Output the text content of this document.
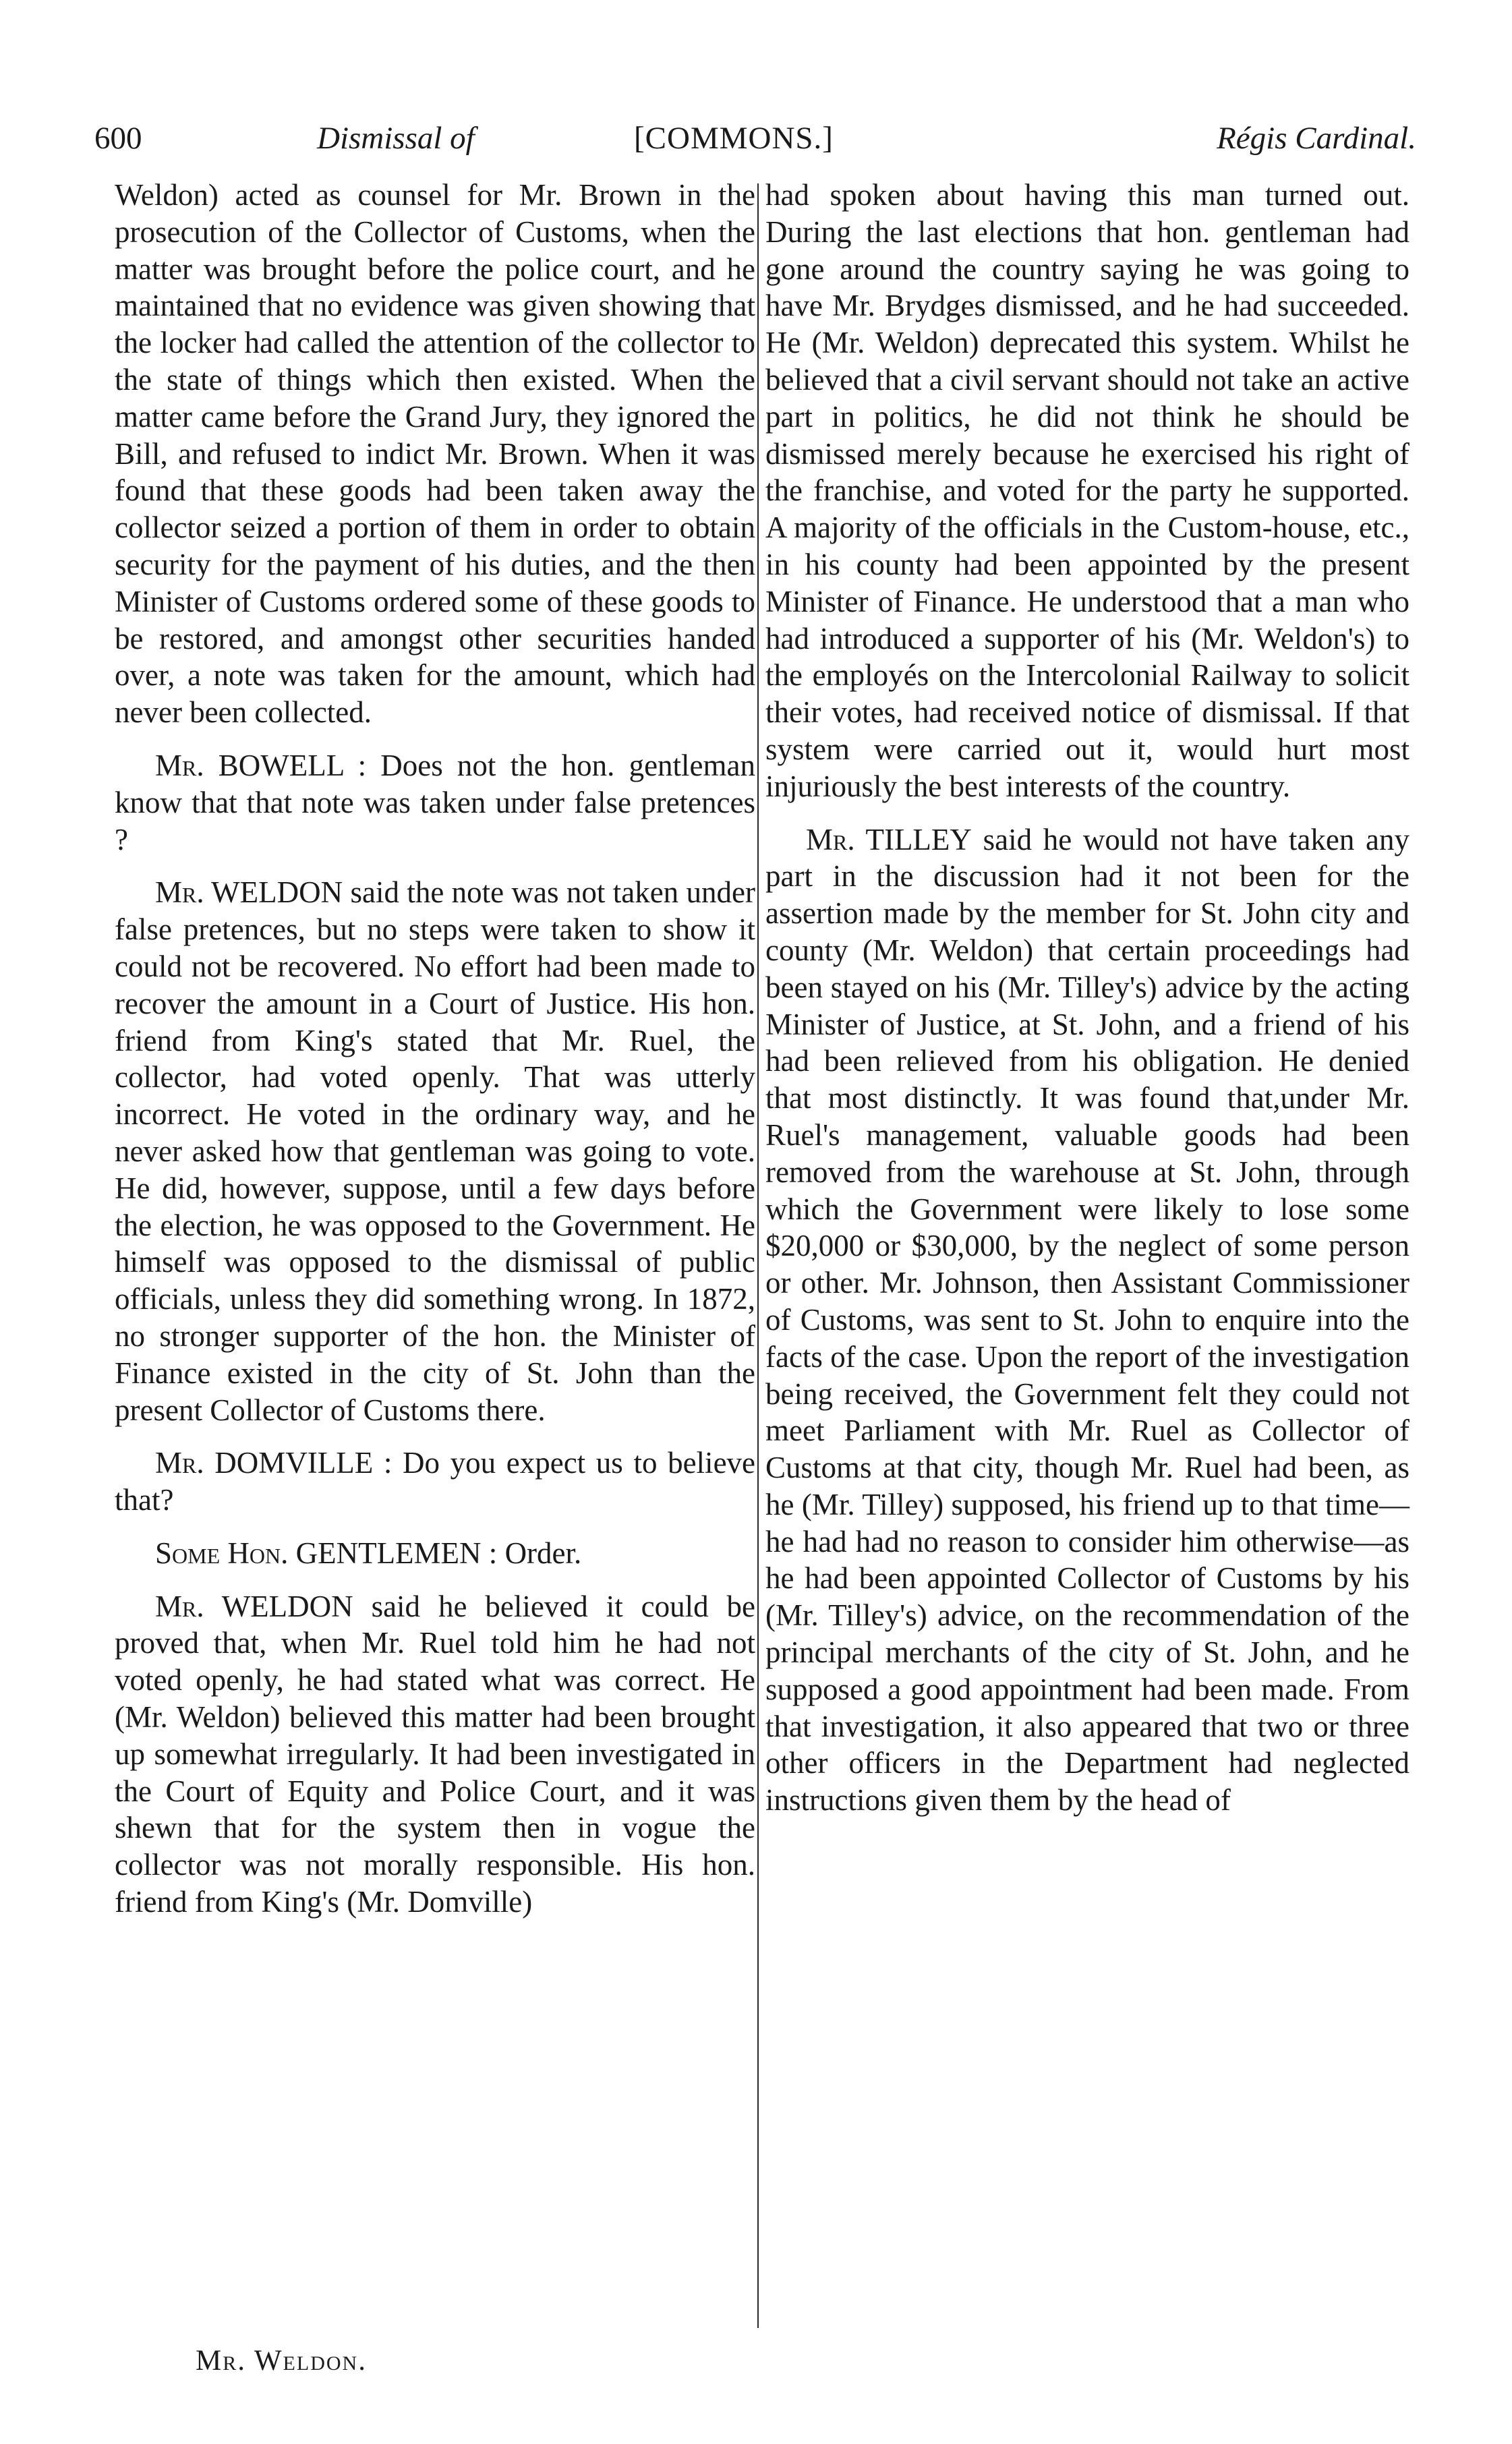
600	Dismissal of	[COMMONS.]	Régis Cardinal.

Weldon) acted as counsel for Mr. Brown in the prosecution of the Collector of Customs, when the matter was brought before the police court, and he maintained that no evidence was given showing that the locker had called the attention of the collector to the state of things which then existed. When the matter came before the Grand Jury, they ignored the Bill, and refused to indict Mr. Brown. When it was found that these goods had been taken away the collector seized a portion of them in order to obtain security for the payment of his duties, and the then Minister of Customs ordered some of these goods to be restored, and amongst other securities handed over, a note was taken for the amount, which had never been collected.

Mr. BOWELL : Does not the hon. gentleman know that that note was taken under false pretences ?

Mr. WELDON said the note was not taken under false pretences, but no steps were taken to show it could not be recovered. No effort had been made to recover the amount in a Court of Justice. His hon. friend from King's stated that Mr. Ruel, the collector, had voted openly. That was utterly incorrect. He voted in the ordinary way, and he never asked how that gentleman was going to vote. He did, however, suppose, until a few days before the election, he was opposed to the Government. He himself was opposed to the dismissal of public officials, unless they did something wrong. In 1872, no stronger supporter of the hon. the Minister of Finance existed in the city of St. John than the present Collector of Customs there.

Mr. DOMVILLE : Do you expect us to believe that?

Some Hon. GENTLEMEN : Order.

Mr. WELDON said he believed it could be proved that, when Mr. Ruel told him he had not voted openly, he had stated what was correct. He (Mr. Weldon) believed this matter had been brought up somewhat irregularly. It had been investigated in the Court of Equity and Police Court, and it was shewn that for the system then in vogue the collector was not morally responsible. His hon. friend from King's (Mr. Domville)

had spoken about having this man turned out. During the last elections that hon. gentleman had gone around the country saying he was going to have Mr. Brydges dismissed, and he had succeeded. He (Mr. Weldon) deprecated this system. Whilst he believed that a civil servant should not take an active part in politics, he did not think he should be dismissed merely because he exercised his right of the franchise, and voted for the party he supported. A majority of the officials in the Custom-house, etc., in his county had been appointed by the present Minister of Finance. He understood that a man who had introduced a supporter of his (Mr. Weldon's) to the employés on the Intercolonial Railway to solicit their votes, had received notice of dismissal. If that system were carried out it, would hurt most injuriously the best interests of the country.

Mr. TILLEY said he would not have taken any part in the discussion had it not been for the assertion made by the member for St. John city and county (Mr. Weldon) that certain proceedings had been stayed on his (Mr. Tilley's) advice by the acting Minister of Justice, at St. John, and a friend of his had been relieved from his obligation. He denied that most distinctly. It was found that,under Mr. Ruel's management, valuable goods had been removed from the warehouse at St. John, through which the Government were likely to lose some $20,000 or $30,000, by the neglect of some person or other. Mr. Johnson, then Assistant Commissioner of Customs, was sent to St. John to enquire into the facts of the case. Upon the report of the investigation being received, the Government felt they could not meet Parliament with Mr. Ruel as Collector of Customs at that city, though Mr. Ruel had been, as he (Mr. Tilley) supposed, his friend up to that time—he had had no reason to consider him otherwise—as he had been appointed Collector of Customs by his (Mr. Tilley's) advice, on the recommendation of the principal merchants of the city of St. John, and he supposed a good appointment had been made. From that investigation, it also appeared that two or three other officers in the Department had neglected instructions given them by the head of

Mr. Weldon.
